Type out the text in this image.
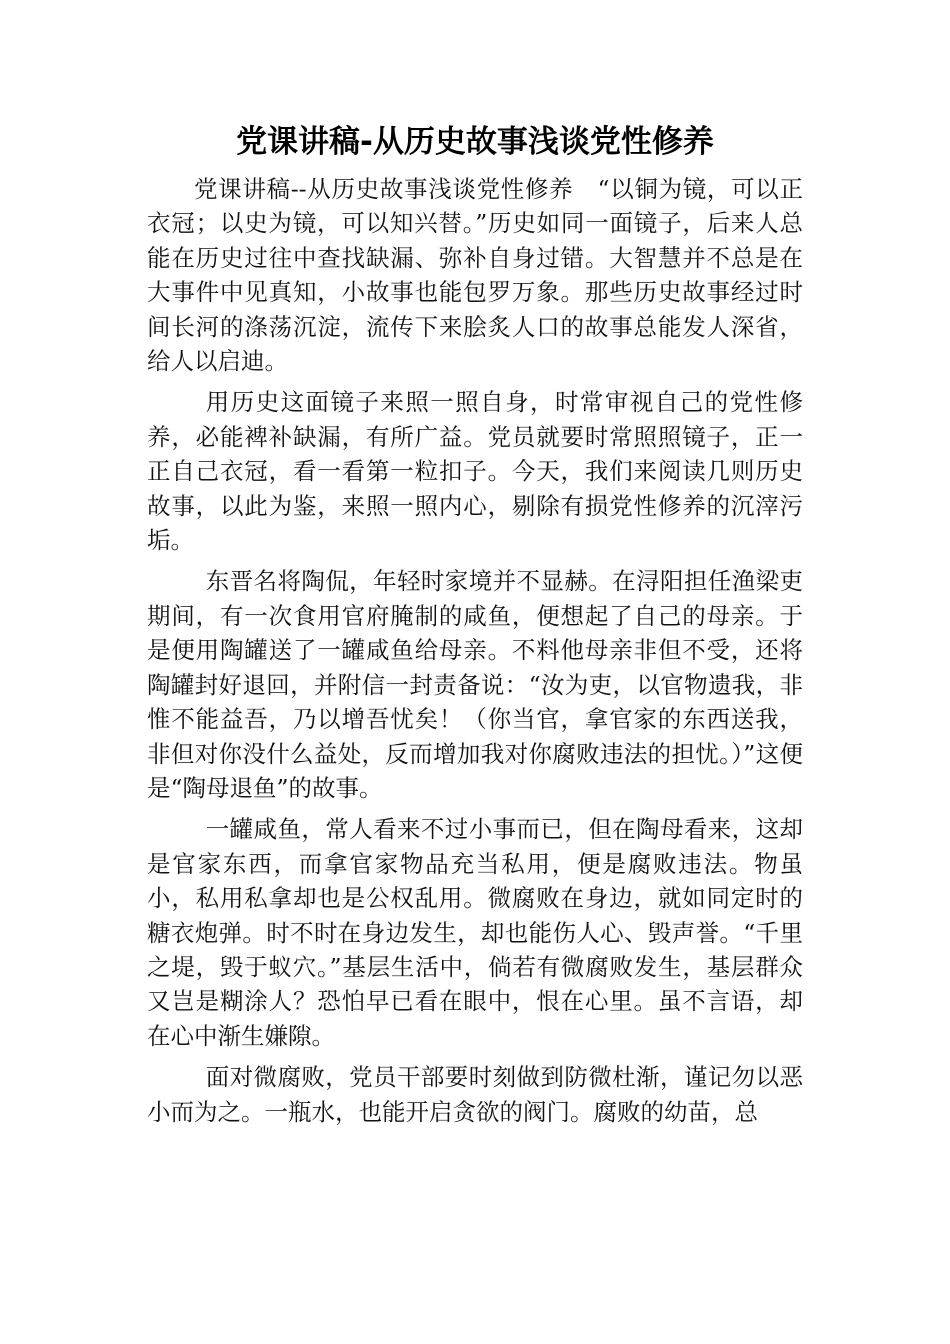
党课讲稿-从历史故事浅谈党性修养

党课讲稿--从历史故事浅谈党性修养　“以铜为镜，可以正衣冠；以史为镜，可以知兴替。”历史如同一面镜子，后来人总能在历史过往中查找缺漏、弥补自身过错。大智慧并不总是在大事件中见真知，小故事也能包罗万象。那些历史故事经过时间长河的涤荡沉淀，流传下来脍炙人口的故事总能发人深省，给人以启迪。

用历史这面镜子来照一照自身，时常审视自己的党性修养，必能裨补缺漏，有所广益。党员就要时常照照镜子，正一正自己衣冠，看一看第一粒扣子。今天，我们来阅读几则历史故事，以此为鉴，来照一照内心，剔除有损党性修养的沉滓污垢。

东晋名将陶侃，年轻时家境并不显赫。在浔阳担任渔梁吏期间，有一次食用官府腌制的咸鱼，便想起了自己的母亲。于是便用陶罐送了一罐咸鱼给母亲。不料他母亲非但不受，还将陶罐封好退回，并附信一封责备说：“汝为吏，以官物遗我，非惟不能益吾，乃以增吾忧矣！（你当官，拿官家的东西送我，非但对你没什么益处，反而增加我对你腐败违法的担忧。）”这便是“陶母退鱼”的故事。

一罐咸鱼，常人看来不过小事而已，但在陶母看来，这却是官家东西，而拿官家物品充当私用，便是腐败违法。物虽小，私用私拿却也是公权乱用。微腐败在身边，就如同定时的糖衣炮弹。时不时在身边发生，却也能伤人心、毁声誉。“千里之堤，毁于蚁穴。”基层生活中，倘若有微腐败发生，基层群众又岂是糊涂人？恐怕早已看在眼中，恨在心里。虽不言语，却在心中渐生嫌隙。

面对微腐败，党员干部要时刻做到防微杜渐，谨记勿以恶小而为之。一瓶水，也能开启贪欲的阀门。腐败的幼苗，总
